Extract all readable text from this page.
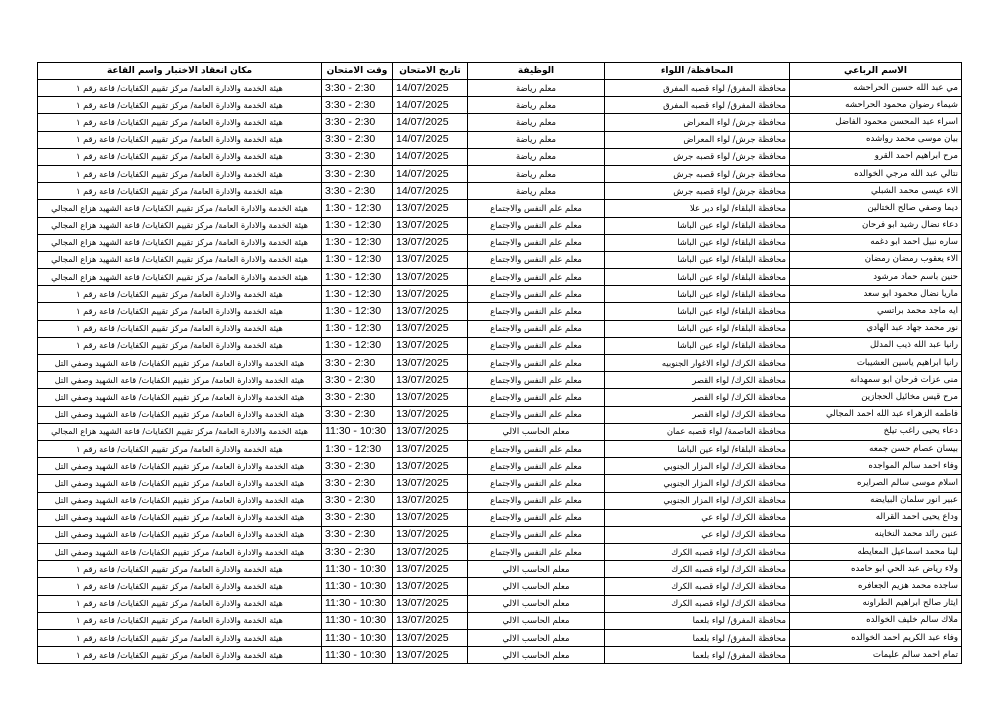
الاسم الرباعي	المحافظة/ اللواء	الوظيفة	تاريخ الامتحان	وقت الامتحان	مكان انعقاد الاختبار واسم القاعة
مي عبد الله حسين الحراحشه	محافظة المفرق/ لواء قصبه المفرق	معلم رياضة	14/07/2025	2:30 - 3:30	هيئة الخدمة والادارة العامة/ مركز تقييم الكفايات/ قاعة رقم ١
شيماء رضوان محمود الحراحشه	محافظة المفرق/ لواء قصبه المفرق	معلم رياضة	14/07/2025	2:30 - 3:30	هيئة الخدمة والادارة العامة/ مركز تقييم الكفايات/ قاعة رقم ١
اسراء عبد المحسن محمود الفاضل	محافظة جرش/ لواء المعراض	معلم رياضة	14/07/2025	2:30 - 3:30	هيئة الخدمة والادارة العامة/ مركز تقييم الكفايات/ قاعة رقم ١
بيان موسى محمد رواشده	محافظة جرش/ لواء المعراض	معلم رياضة	14/07/2025	2:30 - 3:30	هيئة الخدمة والادارة العامة/ مركز تقييم الكفايات/ قاعة رقم ١
مرح ابراهيم احمد القرو	محافظة جرش/ لواء قصبه جرش	معلم رياضة	14/07/2025	2:30 - 3:30	هيئة الخدمة والادارة العامة/ مركز تقييم الكفايات/ قاعة رقم ١
نتالي عبد الله مرجي الخوالده	محافظة جرش/ لواء قصبه جرش	معلم رياضة	14/07/2025	2:30 - 3:30	هيئة الخدمة والادارة العامة/ مركز تقييم الكفايات/ قاعة رقم ١
الاء عيسى محمد الشبلي	محافظة جرش/ لواء قصبه جرش	معلم رياضة	14/07/2025	2:30 - 3:30	هيئة الخدمة والادارة العامة/ مركز تقييم الكفايات/ قاعة رقم ١
ديما وصفي صالح الختالين	محافظة البلقاء/ لواء دير علا	معلم علم النفس والاجتماع	13/07/2025	12:30 - 1:30	هيئة الخدمة والادارة العامة/ مركز تقييم الكفايات/ قاعة الشهيد هزاع المجالي
دعاء نضال رشيد ابو فرحان	محافظة البلقاء/ لواء عين الباشا	معلم علم النفس والاجتماع	13/07/2025	12:30 - 1:30	هيئة الخدمة والادارة العامة/ مركز تقييم الكفايات/ قاعة الشهيد هزاع المجالي
ساره نبيل احمد ابو دغمه	محافظة البلقاء/ لواء عين الباشا	معلم علم النفس والاجتماع	13/07/2025	12:30 - 1:30	هيئة الخدمة والادارة العامة/ مركز تقييم الكفايات/ قاعة الشهيد هزاع المجالي
الاء يعقوب رمضان رمضان	محافظة البلقاء/ لواء عين الباشا	معلم علم النفس والاجتماع	13/07/2025	12:30 - 1:30	هيئة الخدمة والادارة العامة/ مركز تقييم الكفايات/ قاعة الشهيد هزاع المجالي
حنين باسم حماد مرشود	محافظة البلقاء/ لواء عين الباشا	معلم علم النفس والاجتماع	13/07/2025	12:30 - 1:30	هيئة الخدمة والادارة العامة/ مركز تقييم الكفايات/ قاعة الشهيد هزاع المجالي
ماريا نضال محمود ابو سعد	محافظة البلقاء/ لواء عين الباشا	معلم علم النفس والاجتماع	13/07/2025	12:30 - 1:30	هيئة الخدمة والادارة العامة/ مركز تقييم الكفايات/ قاعة رقم ١
ايه ماجد محمد براتسي	محافظة البلقاء/ لواء عين الباشا	معلم علم النفس والاجتماع	13/07/2025	12:30 - 1:30	هيئة الخدمة والادارة العامة/ مركز تقييم الكفايات/ قاعة رقم ١
نور محمد جهاد عبد الهادي	محافظة البلقاء/ لواء عين الباشا	معلم علم النفس والاجتماع	13/07/2025	12:30 - 1:30	هيئة الخدمة والادارة العامة/ مركز تقييم الكفايات/ قاعة رقم ١
رانيا عبد الله ذيب المدلل	محافظة البلقاء/ لواء عين الباشا	معلم علم النفس والاجتماع	13/07/2025	12:30 - 1:30	هيئة الخدمة والادارة العامة/ مركز تقييم الكفايات/ قاعة رقم ١
رانيا ابراهيم ياسين العشيبات	محافظة الكرك/ لواء الاغوار الجنوبيه	معلم علم النفس والاجتماع	13/07/2025	2:30 - 3:30	هيئة الخدمة والادارة العامة/ مركز تقييم الكفايات/ قاعة الشهيد وصفي التل
منى عزات فرحان ابو سمهدانه	محافظة الكرك/ لواء القصر	معلم علم النفس والاجتماع	13/07/2025	2:30 - 3:30	هيئة الخدمة والادارة العامة/ مركز تقييم الكفايات/ قاعة الشهيد وصفي التل
مرح قيس مخائيل الحجازين	محافظة الكرك/ لواء القصر	معلم علم النفس والاجتماع	13/07/2025	2:30 - 3:30	هيئة الخدمة والادارة العامة/ مركز تقييم الكفايات/ قاعة الشهيد وصفي التل
فاطمه الزهراء عبد الله احمد المجالي	محافظة الكرك/ لواء القصر	معلم علم النفس والاجتماع	13/07/2025	2:30 - 3:30	هيئة الخدمة والادارة العامة/ مركز تقييم الكفايات/ قاعة الشهيد وصفي التل
دعاء يحيى راغب تيلخ	محافظة العاصمة/ لواء قصبه عمان	معلم الحاسب الالي	13/07/2025	10:30 - 11:30	هيئة الخدمة والادارة العامة/ مركز تقييم الكفايات/ قاعة الشهيد هزاع المجالي
بيسان عصام حسن جمعه	محافظة البلقاء/ لواء عين الباشا	معلم علم النفس والاجتماع	13/07/2025	12:30 - 1:30	هيئة الخدمة والادارة العامة/ مركز تقييم الكفايات/ قاعة رقم ١
وفاء احمد سالم المواجده	محافظة الكرك/ لواء المزار الجنوبي	معلم علم النفس والاجتماع	13/07/2025	2:30 - 3:30	هيئة الخدمة والادارة العامة/ مركز تقييم الكفايات/ قاعة الشهيد وصفي التل
اسلام موسى سالم الصرايره	محافظة الكرك/ لواء المزار الجنوبي	معلم علم النفس والاجتماع	13/07/2025	2:30 - 3:30	هيئة الخدمة والادارة العامة/ مركز تقييم الكفايات/ قاعة الشهيد وصفي التل
عبير انور سلمان البيايضه	محافظة الكرك/ لواء المزار الجنوبي	معلم علم النفس والاجتماع	13/07/2025	2:30 - 3:30	هيئة الخدمة والادارة العامة/ مركز تقييم الكفايات/ قاعة الشهيد وصفي التل
وداع يحيى احمد القراله	محافظة الكرك/ لواء عي	معلم علم النفس والاجتماع	13/07/2025	2:30 - 3:30	هيئة الخدمة والادارة العامة/ مركز تقييم الكفايات/ قاعة الشهيد وصفي التل
عنين رائد محمد النخاينه	محافظة الكرك/ لواء عي	معلم علم النفس والاجتماع	13/07/2025	2:30 - 3:30	هيئة الخدمة والادارة العامة/ مركز تقييم الكفايات/ قاعة الشهيد وصفي التل
لينا محمد اسماعيل المعايطه	محافظة الكرك/ لواء قصبه الكرك	معلم علم النفس والاجتماع	13/07/2025	2:30 - 3:30	هيئة الخدمة والادارة العامة/ مركز تقييم الكفايات/ قاعة الشهيد وصفي التل
ولاء رياض عبد الحي ابو حامده	محافظة الكرك/ لواء قصبه الكرك	معلم الحاسب الالي	13/07/2025	10:30 - 11:30	هيئة الخدمة والادارة العامة/ مركز تقييم الكفايات/ قاعة رقم ١
ساجده محمد هزيم الجعافره	محافظة الكرك/ لواء قصبه الكرك	معلم الحاسب الالي	13/07/2025	10:30 - 11:30	هيئة الخدمة والادارة العامة/ مركز تقييم الكفايات/ قاعة رقم ١
ايثار صالح ابراهيم الطراونه	محافظة الكرك/ لواء قصبه الكرك	معلم الحاسب الالي	13/07/2025	10:30 - 11:30	هيئة الخدمة والادارة العامة/ مركز تقييم الكفايات/ قاعة رقم ١
ملاك سالم خليف الخوالده	محافظة المفرق/ لواء بلعما	معلم الحاسب الالي	13/07/2025	10:30 - 11:30	هيئة الخدمة والادارة العامة/ مركز تقييم الكفايات/ قاعة رقم ١
وفاء عبد الكريم احمد الخوالده	محافظة المفرق/ لواء بلعما	معلم الحاسب الالي	13/07/2025	10:30 - 11:30	هيئة الخدمة والادارة العامة/ مركز تقييم الكفايات/ قاعة رقم ١
تمام احمد سالم عليمات	محافظة المفرق/ لواء بلعما	معلم الحاسب الالي	13/07/2025	10:30 - 11:30	هيئة الخدمة والادارة العامة/ مركز تقييم الكفايات/ قاعة رقم ١
